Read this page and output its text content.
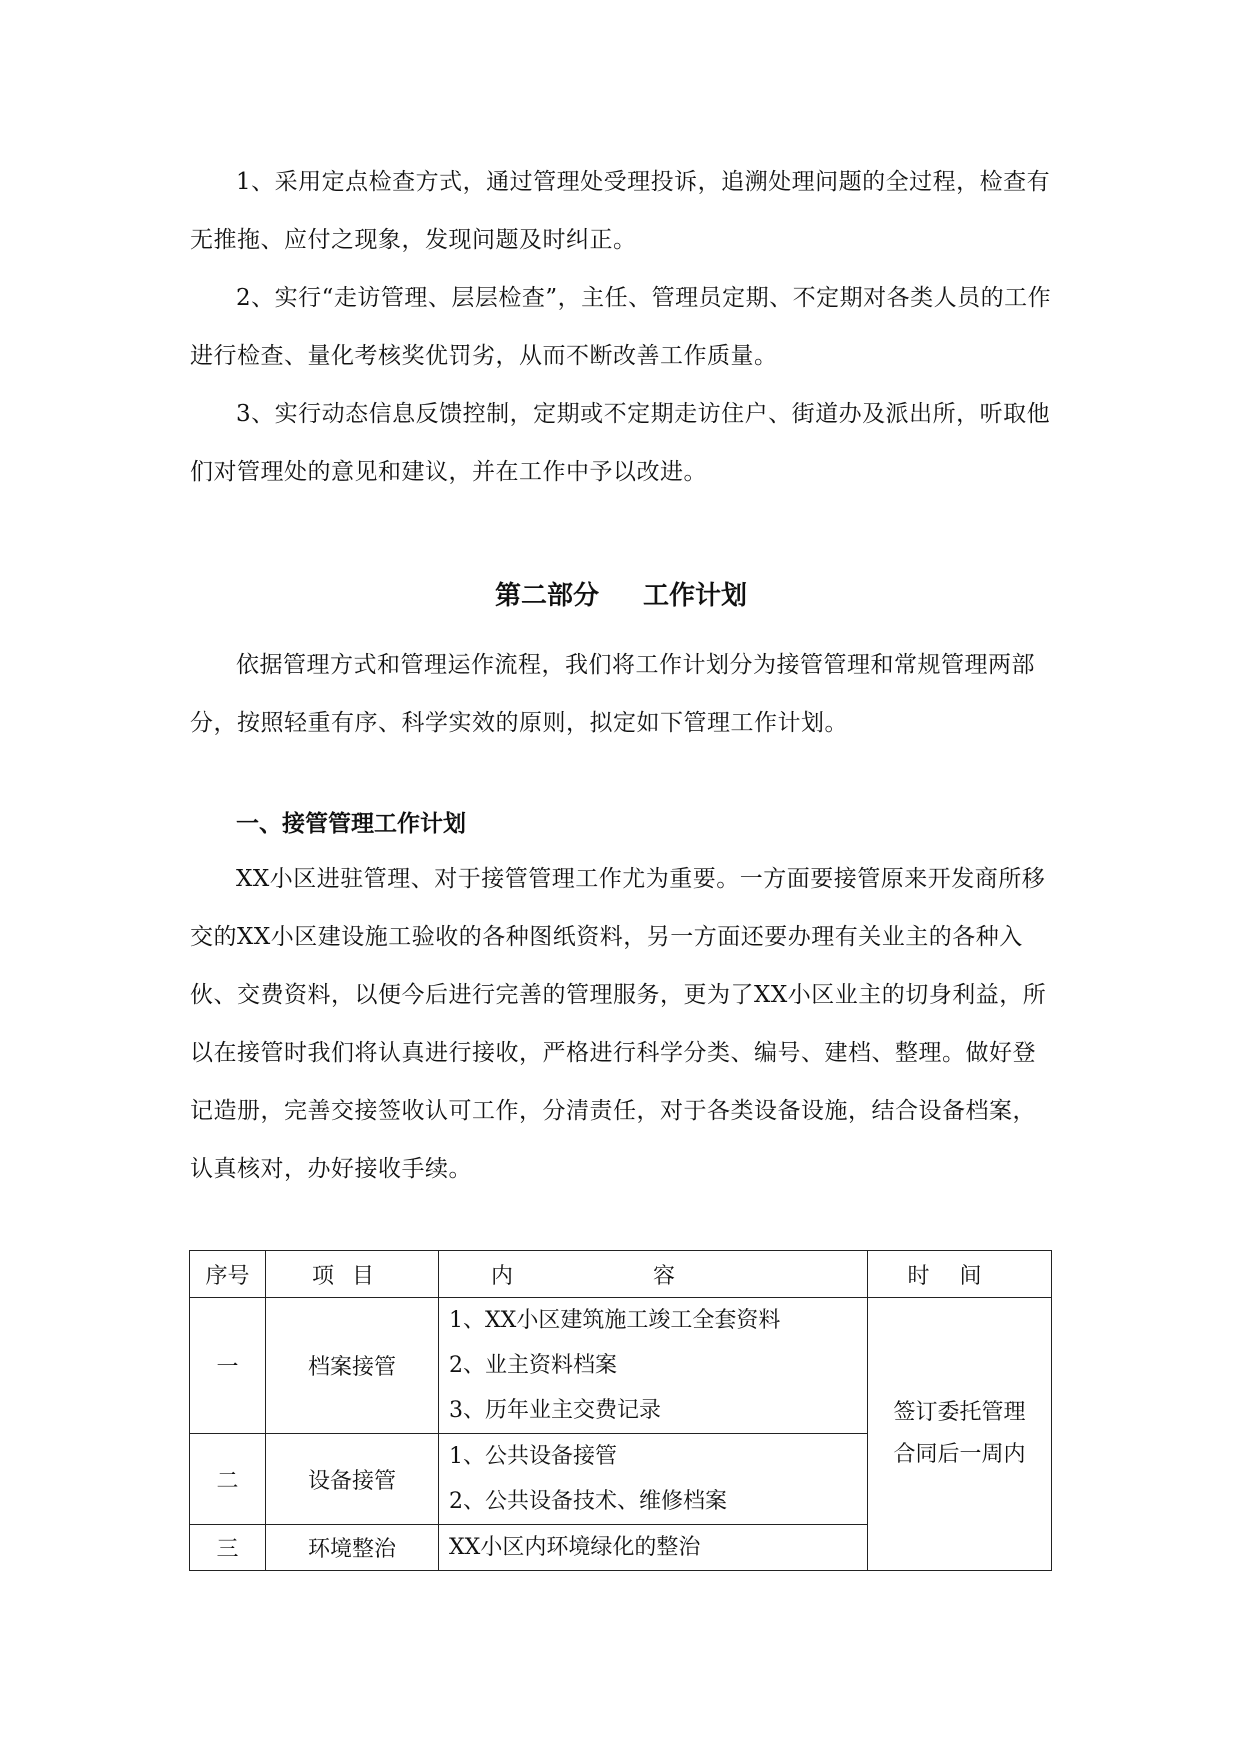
1、采用定点检查方式，通过管理处受理投诉，追溯处理问题的全过程，检查有无推拖、应付之现象，发现问题及时纠正。

2、实行“走访管理、层层检查”，主任、管理员定期、不定期对各类人员的工作进行检查、量化考核奖优罚劣，从而不断改善工作质量。

3、实行动态信息反馈控制，定期或不定期走访住户、街道办及派出所，听取他们对管理处的意见和建议，并在工作中予以改进。

第二部分 工作计划

依据管理方式和管理运作流程，我们将工作计划分为接管管理和常规管理两部分，按照轻重有序、科学实效的原则，拟定如下管理工作计划。

一、接管管理工作计划

XX小区进驻管理、对于接管管理工作尤为重要。一方面要接管原来开发商所移交的XX小区建设施工验收的各种图纸资料，另一方面还要办理有关业主的各种入伙、交费资料，以便今后进行完善的管理服务，更为了XX小区业主的切身利益，所以在接管时我们将认真进行接收，严格进行科学分类、编号、建档、整理。做好登记造册，完善交接签收认可工作，分清责任，对于各类设备设施，结合设备档案，认真核对，办好接收手续。

序号	项目	内容	时间
一	档案接管	1、XX小区建筑施工竣工全套资料
2、业主资料档案
3、历年业主交费记录	签订委托管理合同后一周内

二	设备接管	1、公共设备接管
2、公共设备技术、维修档案	

三	环境整治	XX小区内环境绿化的整治	
